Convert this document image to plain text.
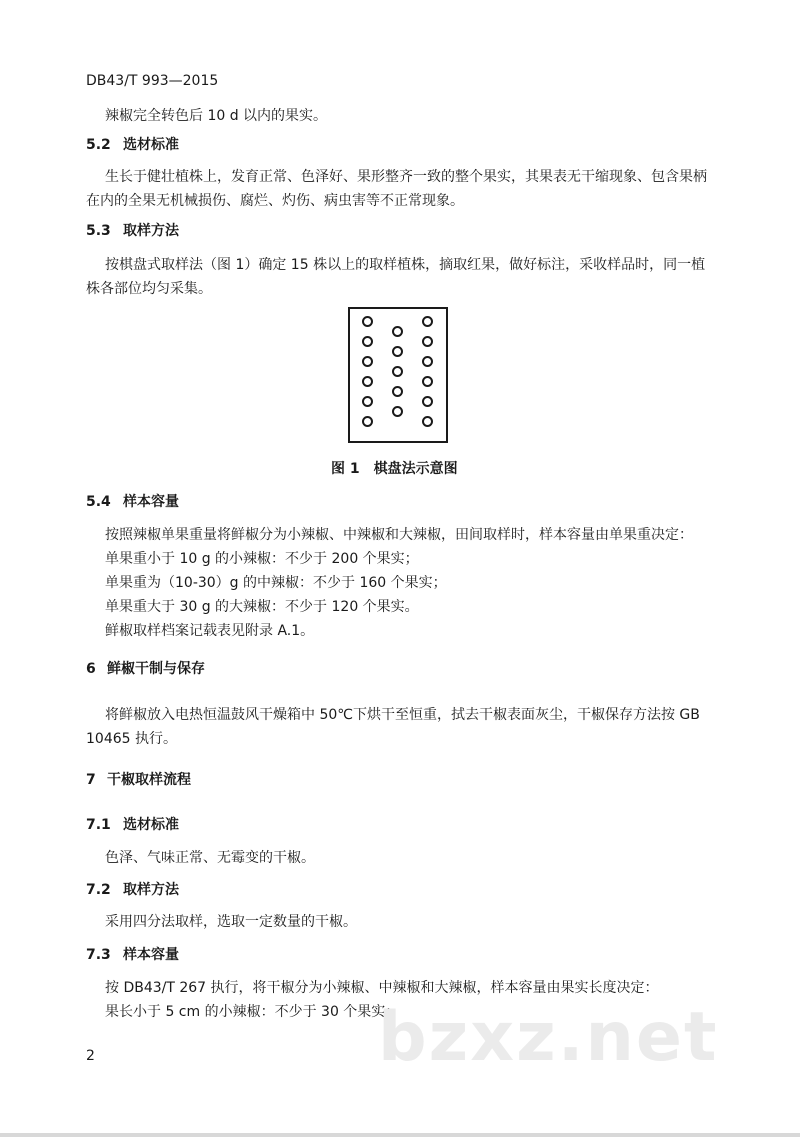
DB43/T 993—2015
辣椒完全转色后 10 d 以内的果实。
5.2 选材标准
生长于健壮植株上，发育正常、色泽好、果形整齐一致的整个果实，其果表无干缩现象、包含果柄
在内的全果无机械损伤、腐烂、灼伤、病虫害等不正常现象。
5.3 取样方法
按棋盘式取样法（图 1）确定 15 株以上的取样植株，摘取红果，做好标注，采收样品时，同一植
株各部位均匀采集。
图 1　棋盘法示意图
5.4 样本容量
按照辣椒单果重量将鲜椒分为小辣椒、中辣椒和大辣椒，田间取样时，样本容量由单果重决定：
单果重小于 10 g 的小辣椒：不少于 200 个果实；
单果重为（10-30）g 的中辣椒：不少于 160 个果实；
单果重大于 30 g 的大辣椒：不少于 120 个果实。
鲜椒取样档案记载表见附录 A.1。
6 鲜椒干制与保存
将鲜椒放入电热恒温鼓风干燥箱中 50℃下烘干至恒重，拭去干椒表面灰尘，干椒保存方法按 GB
10465 执行。
7 干椒取样流程
7.1 选材标准
色泽、气味正常、无霉变的干椒。
7.2 取样方法
采用四分法取样，选取一定数量的干椒。
7.3 样本容量
按 DB43/T 267 执行，将干椒分为小辣椒、中辣椒和大辣椒，样本容量由果实长度决定：
果长小于 5 cm 的小辣椒：不少于 30 个果实；
bzxz.net
2
